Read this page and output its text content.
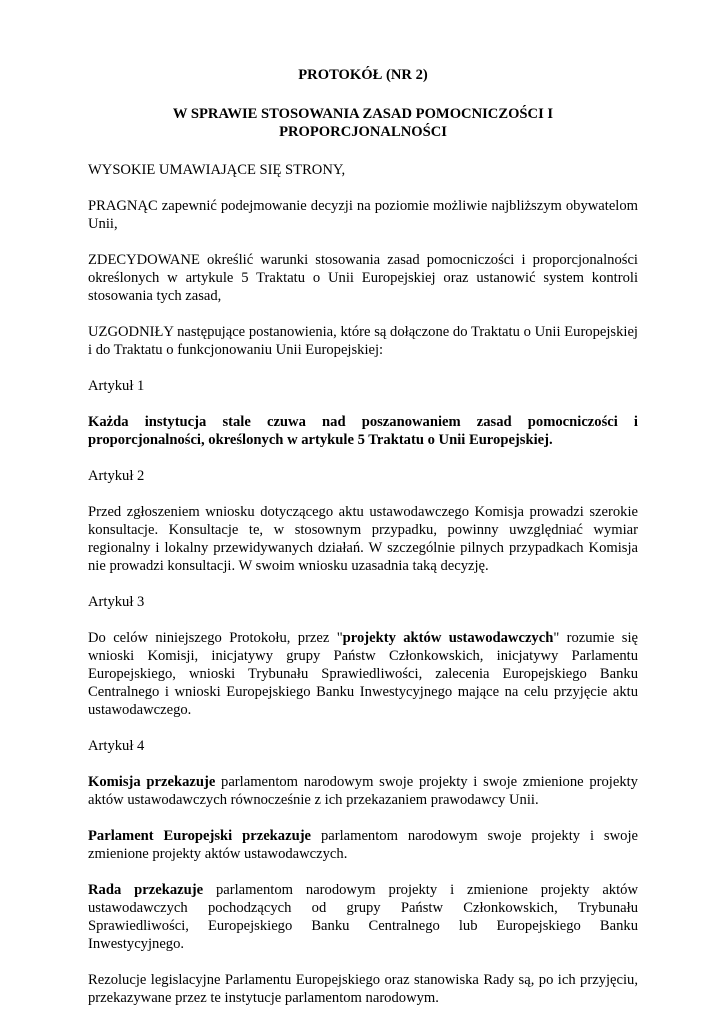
PROTOKÓŁ (NR 2)
W SPRAWIE STOSOWANIA ZASAD POMOCNICZOŚCI I
PROPORCJONALNOŚCI

WYSOKIE UMAWIAJĄCE SIĘ STRONY,

PRAGNĄC zapewnić podejmowanie decyzji na poziomie możliwie najbliższym obywatelom Unii,

ZDECYDOWANE określić warunki stosowania zasad pomocniczości i proporcjonalności określonych w artykule 5 Traktatu o Unii Europejskiej oraz ustanowić system kontroli stosowania tych zasad,

UZGODNIŁY następujące postanowienia, które są dołączone do Traktatu o Unii Europejskiej i do Traktatu o funkcjonowaniu Unii Europejskiej:

Artykuł 1

Każda instytucja stale czuwa nad poszanowaniem zasad pomocniczości i proporcjonalności, określonych w artykule 5 Traktatu o Unii Europejskiej.

Artykuł 2

Przed zgłoszeniem wniosku dotyczącego aktu ustawodawczego Komisja prowadzi szerokie konsultacje. Konsultacje te, w stosownym przypadku, powinny uwzględniać wymiar regionalny i lokalny przewidywanych działań. W szczególnie pilnych przypadkach Komisja nie prowadzi konsultacji. W swoim wniosku uzasadnia taką decyzję.

Artykuł 3

Do celów niniejszego Protokołu, przez "projekty aktów ustawodawczych" rozumie się wnioski Komisji, inicjatywy grupy Państw Członkowskich, inicjatywy Parlamentu Europejskiego, wnioski Trybunału Sprawiedliwości, zalecenia Europejskiego Banku Centralnego i wnioski Europejskiego Banku Inwestycyjnego mające na celu przyjęcie aktu ustawodawczego.

Artykuł 4

Komisja przekazuje parlamentom narodowym swoje projekty i swoje zmienione projekty aktów ustawodawczych równocześnie z ich przekazaniem prawodawcy Unii.

Parlament Europejski przekazuje parlamentom narodowym swoje projekty i swoje zmienione projekty aktów ustawodawczych.

Rada przekazuje parlamentom narodowym projekty i zmienione projekty aktów ustawodawczych pochodzących od grupy Państw Członkowskich, Trybunału Sprawiedliwości, Europejskiego Banku Centralnego lub Europejskiego Banku Inwestycyjnego.

Rezolucje legislacyjne Parlamentu Europejskiego oraz stanowiska Rady są, po ich przyjęciu, przekazywane przez te instytucje parlamentom narodowym.
